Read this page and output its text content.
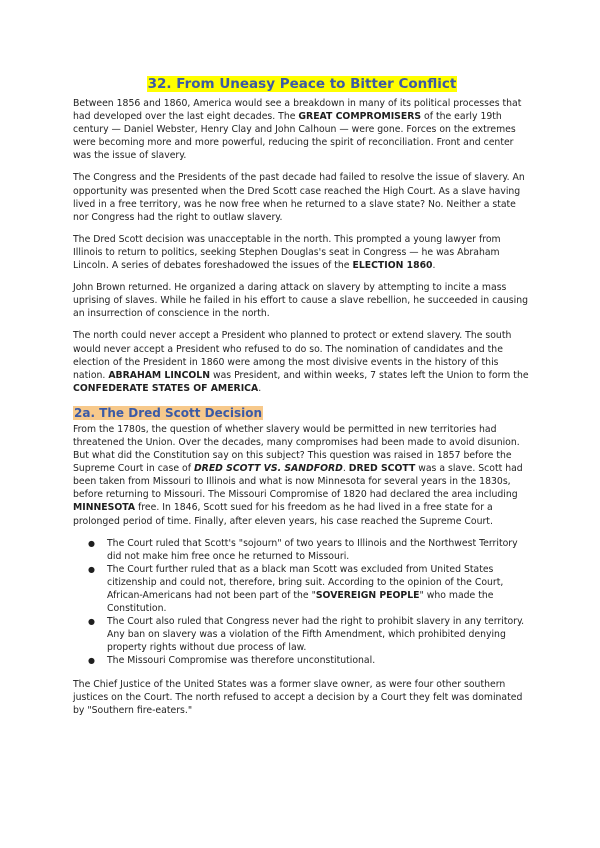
32. From Uneasy Peace to Bitter Conflict

Between 1856 and 1860, America would see a breakdown in many of its political processes that had developed over the last eight decades. The GREAT COMPROMISERS of the early 19th century — Daniel Webster, Henry Clay and John Calhoun — were gone. Forces on the extremes were becoming more and more powerful, reducing the spirit of reconciliation. Front and center was the issue of slavery.

The Congress and the Presidents of the past decade had failed to resolve the issue of slavery. An opportunity was presented when the Dred Scott case reached the High Court. As a slave having lived in a free territory, was he now free when he returned to a slave state? No. Neither a state nor Congress had the right to outlaw slavery.

The Dred Scott decision was unacceptable in the north. This prompted a young lawyer from Illinois to return to politics, seeking Stephen Douglas's seat in Congress — he was Abraham Lincoln. A series of debates foreshadowed the issues of the ELECTION 1860.

John Brown returned. He organized a daring attack on slavery by attempting to incite a mass uprising of slaves. While he failed in his effort to cause a slave rebellion, he succeeded in causing an insurrection of conscience in the north.

The north could never accept a President who planned to protect or extend slavery. The south would never accept a President who refused to do so. The nomination of candidates and the election of the President in 1860 were among the most divisive events in the history of this nation. ABRAHAM LINCOLN was President, and within weeks, 7 states left the Union to form the CONFEDERATE STATES OF AMERICA.

2a. The Dred Scott Decision

From the 1780s, the question of whether slavery would be permitted in new territories had threatened the Union. Over the decades, many compromises had been made to avoid disunion. But what did the Constitution say on this subject? This question was raised in 1857 before the Supreme Court in case of DRED SCOTT VS. SANDFORD. DRED SCOTT was a slave. Scott had been taken from Missouri to Illinois and what is now Minnesota for several years in the 1830s, before returning to Missouri. The Missouri Compromise of 1820 had declared the area including MINNESOTA free. In 1846, Scott sued for his freedom as he had lived in a free state for a prolonged period of time. Finally, after eleven years, his case reached the Supreme Court.

● The Court ruled that Scott's "sojourn" of two years to Illinois and the Northwest Territory did not make him free once he returned to Missouri.
● The Court further ruled that as a black man Scott was excluded from United States citizenship and could not, therefore, bring suit. According to the opinion of the Court, African-Americans had not been part of the "SOVEREIGN PEOPLE" who made the Constitution.
● The Court also ruled that Congress never had the right to prohibit slavery in any territory. Any ban on slavery was a violation of the Fifth Amendment, which prohibited denying property rights without due process of law.
● The Missouri Compromise was therefore unconstitutional.

The Chief Justice of the United States was a former slave owner, as were four other southern justices on the Court. The north refused to accept a decision by a Court they felt was dominated by "Southern fire-eaters."
